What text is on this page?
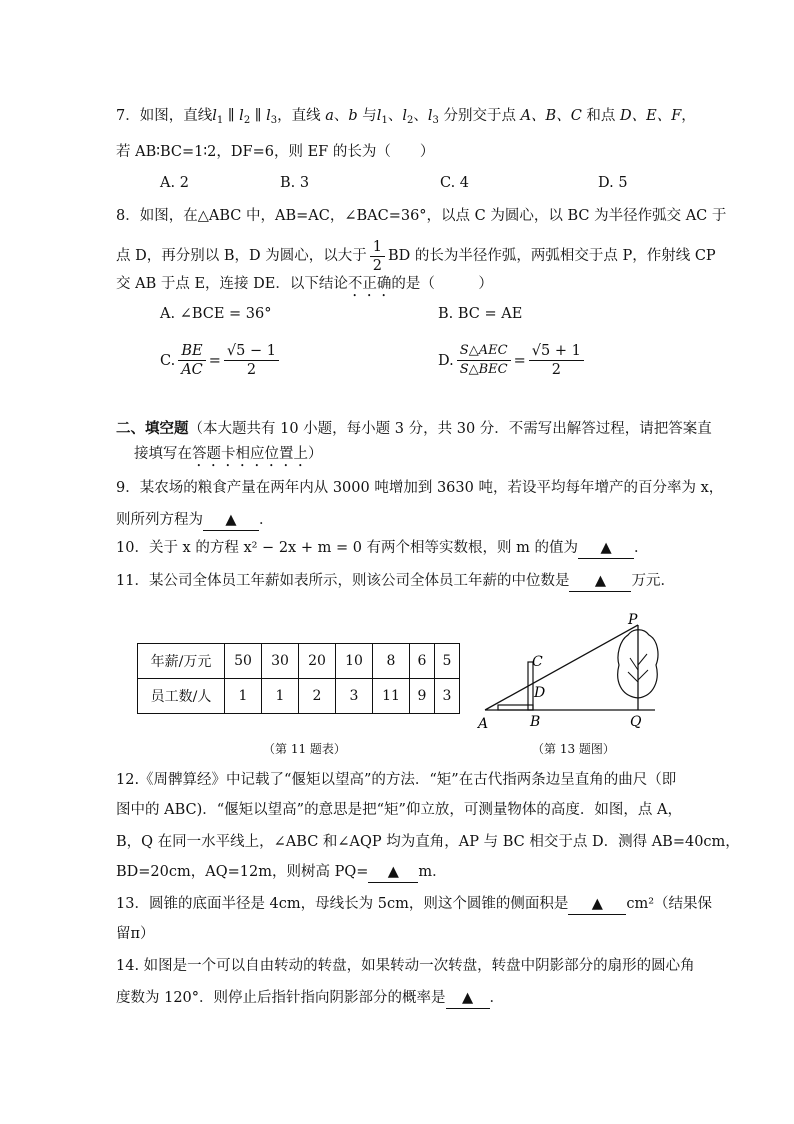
7．如图，直线$l_1$ ∥ $l_2$ ∥ $l_3$，直线 a、b 与$l_1$、$l_2$、$l_3$ 分别交于点 A、B、C 和点 D、E、F，
若 AB∶BC=1∶2，DF=6，则 EF 的长为（　　）
A. 2	B. 3	C. 4	D. 5
8．如图，在△ABC 中，AB=AC，∠BAC=36°，以点 C 为圆心，以 BC 为半径作弧交 AC 于
点 D，再分别以 B，D 为圆心，以大于 $\frac{1}{2}$ BD 的长为半径作弧，两弧相交于点 P，作射线 CP
交 AB 于点 E，连接 DE．以下结论不正确的是（　　　）
A. ∠BCE = 36°	B. BC = AE
C. $\frac{BE}{AC} = \frac{√5 - 1}{2}$	D. $\frac{\text{S△AEC}}{\text{S△BEC}} = \frac{√5 + 1}{2}$
二、填空题（本大题共有 10 小题，每小题 3 分，共 30 分．不需写出解答过程，请把答案直
接填写在答题卡相应位置上）
9．某农场的粮食产量在两年内从 3000 吨增加到 3630 吨，若设平均每年增产的百分率为 x，
则所列方程为 ▲ ．
10．关于 x 的方程 x² − 2x + m = 0 有两个相等实数根，则 m 的值为 ▲ ．
11．某公司全体员工年薪如表所示，则该公司全体员工年薪的中位数是 ▲ 万元．
年薪/万元	50	30	20	10	8	6	5
员工数/人	1	1	2	3	11	9	3
（第 11 题表）
P
C
D
A	B	Q
（第 13 题图）
12.《周髀算经》中记载了“偃矩以望高”的方法．“矩”在古代指两条边呈直角的曲尺（即
图中的 ABC)．“偃矩以望高”的意思是把“矩”仰立放，可测量物体的高度．如图，点 A，
B，Q 在同一水平线上，∠ABC 和∠AQP 均为直角，AP 与 BC 相交于点 D．测得 AB=40cm，
BD=20cm，AQ=12m，则树高 PQ= ▲ m．
13．圆锥的底面半径是 4cm，母线长为 5cm，则这个圆锥的侧面积是 ▲ cm²（结果保
留π）
14. 如图是一个可以自由转动的转盘，如果转动一次转盘，转盘中阴影部分的扇形的圆心角
度数为 120°．则停止后指针指向阴影部分的概率是 ▲ ．
